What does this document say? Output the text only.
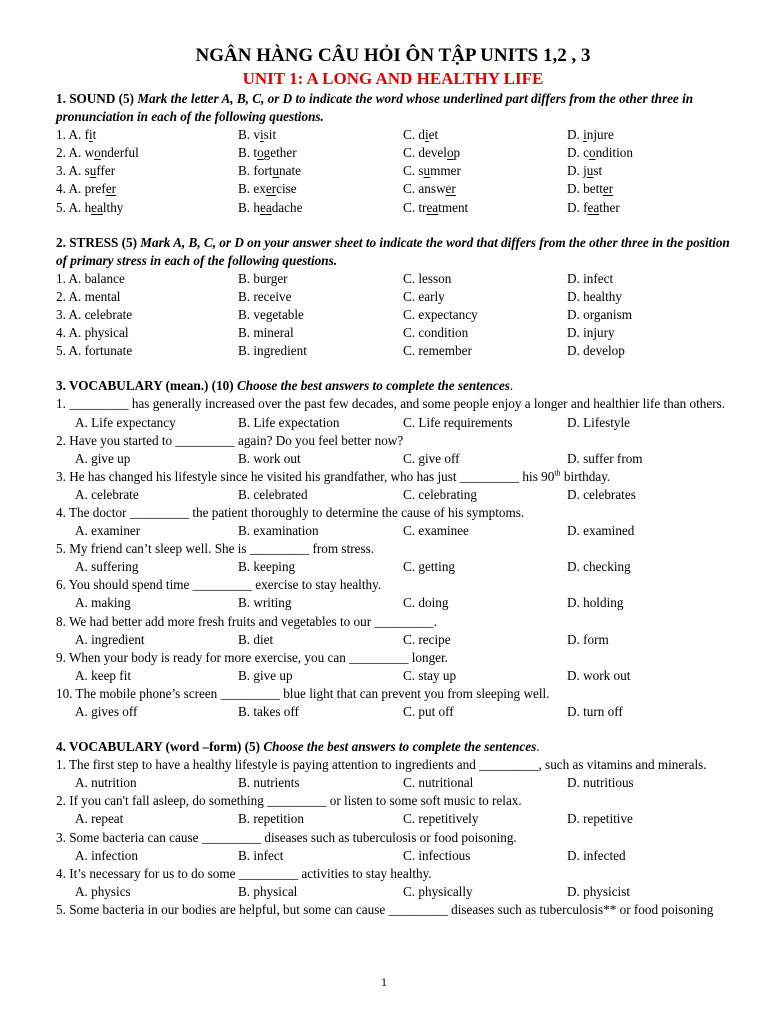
NGÂN HÀNG CÂU HỎI ÔN TẬP UNITS 1,2 , 3
UNIT 1: A LONG AND HEALTHY LIFE

1. SOUND (5) Mark the letter A, B, C, or D to indicate the word whose underlined part differs from the other three in pronunciation in each of the following questions.

1. A. fit	B. visit	C. diet	D. injure
2. A. wonderful	B. together	C. develop	D. condition
3. A. suffer	B. fortunate	C. summer	D. just
4. A. prefer	B. exercise	C. answer	D. better
5. A. healthy	B. headache	C. treatment	D. feather

2. STRESS (5) Mark A, B, C, or D on your answer sheet to indicate the word that differs from the other three in the position of primary stress in each of the following questions.

1. A. balance	B. burger	C. lesson	D. infect
2. A. mental	B. receive	C. early	D. healthy
3. A. celebrate	B. vegetable	C. expectancy	D. organism
4. A. physical	B. mineral	C. condition	D. injury
5. A. fortunate	B. ingredient	C. remember	D. develop

3. VOCABULARY (mean.) (10) Choose the best answers to complete the sentences.

1. _________ has generally increased over the past few decades, and some people enjoy a longer and healthier life than others.

A. Life expectancy	B. Life expectation	C. Life requirements	D. Lifestyle

2. Have you started to _________ again? Do you feel better now?

A. give up	B. work out	C. give off	D. suffer from

3. He has changed his lifestyle since he visited his grandfather, who has just _________ his 90th birthday.

A. celebrate	B. celebrated	C. celebrating	D. celebrates

4. The doctor _________ the patient thoroughly to determine the cause of his symptoms.

A. examiner	B. examination	C. examinee	D. examined

5. My friend can’t sleep well. She is _________ from stress.

A. suffering	B. keeping	C. getting	D. checking

6. You should spend time _________ exercise to stay healthy.

A. making	B. writing	C. doing	D. holding

8. We had better add more fresh fruits and vegetables to our _________.

A. ingredient	B. diet	C. recipe	D. form

9. When your body is ready for more exercise, you can _________ longer.

A. keep fit	B. give up	C. stay up	D. work out

10. The mobile phone’s screen _________ blue light that can prevent you from sleeping well.

A. gives off	B. takes off	C. put off	D. turn off

4. VOCABULARY (word –form) (5) Choose the best answers to complete the sentences.

1. The first step to have a healthy lifestyle is paying attention to ingredients and _________, such as vitamins and minerals.

A. nutrition	B. nutrients	C. nutritional	D. nutritious

2. If you can't fall asleep, do something _________ or listen to some soft music to relax.

A. repeat	B. repetition	C. repetitively	D. repetitive

3. Some bacteria can cause _________ diseases such as tuberculosis or food poisoning.

A. infection	B. infect	C. infectious	D. infected

4. It’s necessary for us to do some _________ activities to stay healthy.

A. physics	B. physical	C. physically	D. physicist

5. Some bacteria in our bodies are helpful, but some can cause _________ diseases such as tuberculosis** or food poisoning

1
